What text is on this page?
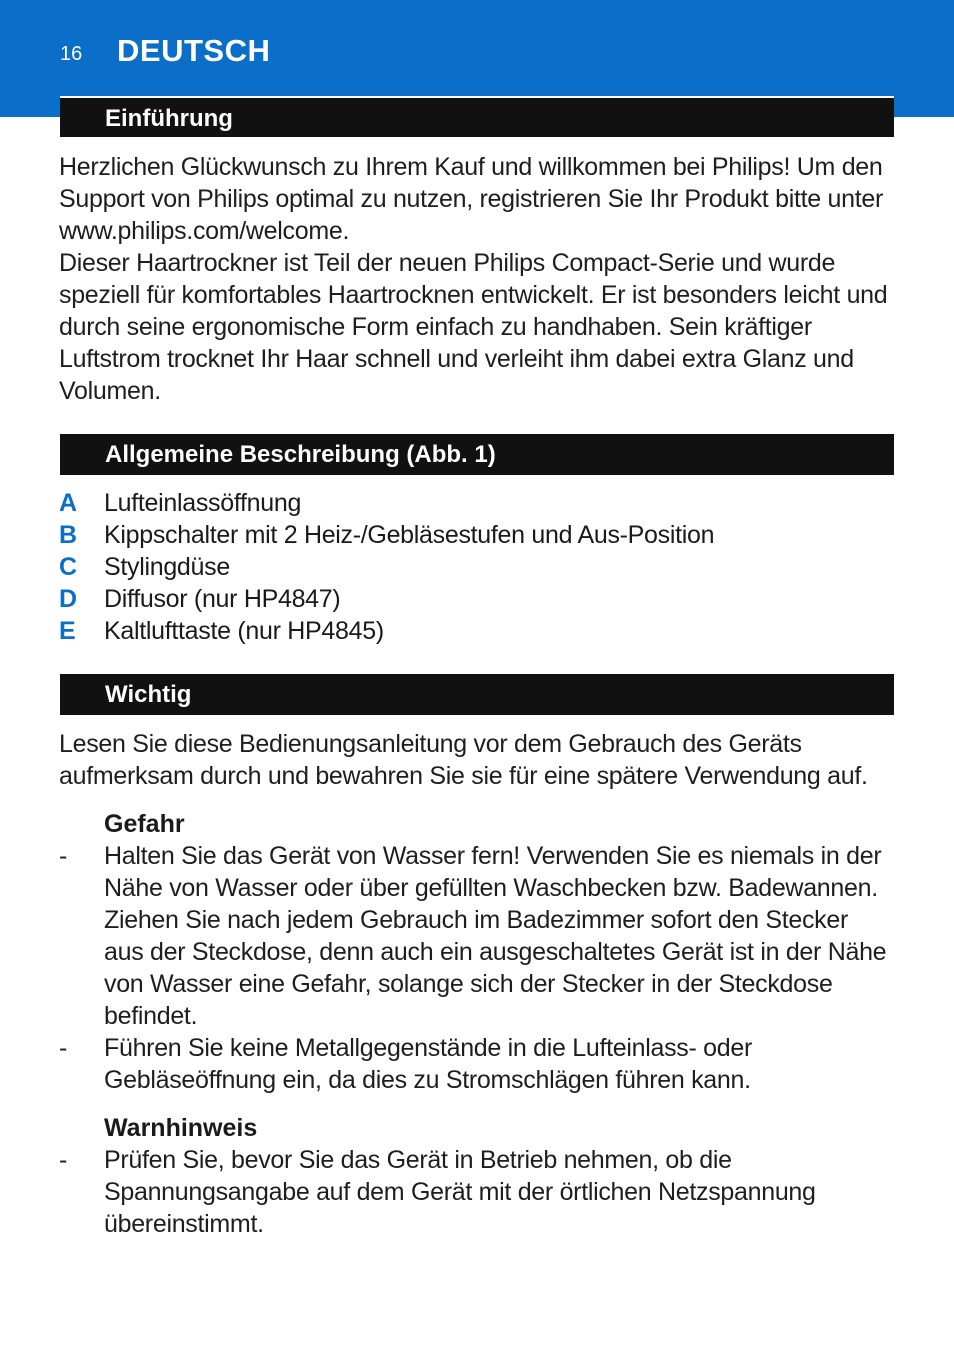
16 DEUTSCH
Einführung

Herzlichen Glückwunsch zu Ihrem Kauf und willkommen bei Philips! Um den Support von Philips optimal zu nutzen, registrieren Sie Ihr Produkt bitte unter www.philips.com/welcome.

Dieser Haartrockner ist Teil der neuen Philips Compact-Serie und wurde speziell für komfortables Haartrocknen entwickelt. Er ist besonders leicht und durch seine ergonomische Form einfach zu handhaben. Sein kräftiger Luftstrom trocknet Ihr Haar schnell und verleiht ihm dabei extra Glanz und Volumen.

Allgemeine Beschreibung (Abb. 1)
A Lufteinlassöffnung
B Kippschalter mit 2 Heiz-/Gebläsestufen und Aus-Position
C Stylingdüse
D Diffusor (nur HP4847)
E Kaltlufttaste (nur HP4845)
Wichtig

Lesen Sie diese Bedienungsanleitung vor dem Gebrauch des Geräts aufmerksam durch und bewahren Sie sie für eine spätere Verwendung auf.

Gefahr
- Halten Sie das Gerät von Wasser fern! Verwenden Sie es niemals in der Nähe von Wasser oder über gefüllten Waschbecken bzw. Badewannen. Ziehen Sie nach jedem Gebrauch im Badezimmer sofort den Stecker aus der Steckdose, denn auch ein ausgeschaltetes Gerät ist in der Nähe von Wasser eine Gefahr, solange sich der Stecker in der Steckdose befindet.
- Führen Sie keine Metallgegenstände in die Lufteinlass- oder Gebläseöffnung ein, da dies zu Stromschlägen führen kann.
Warnhinweis
- Prüfen Sie, bevor Sie das Gerät in Betrieb nehmen, ob die Spannungsangabe auf dem Gerät mit der örtlichen Netzspannung übereinstimmt.
